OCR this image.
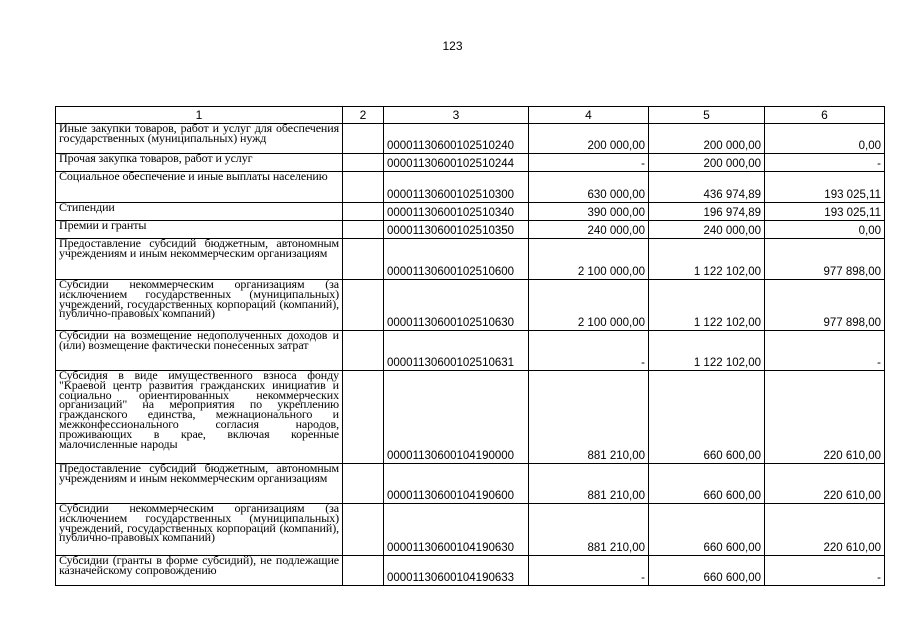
123
1	2	3	4	5	6
Иные закупки товаров, работ и услуг для обеспечения государственных (муниципальных) нужд		00001130600102510240	200 000,00	200 000,00	0,00
Прочая закупка товаров, работ и услуг		00001130600102510244	-	200 000,00	-
Социальное обеспечение и иные выплаты населению		00001130600102510300	630 000,00	436 974,89	193 025,11
Стипендии		00001130600102510340	390 000,00	196 974,89	193 025,11
Премии и гранты		00001130600102510350	240 000,00	240 000,00	0,00
Предоставление субсидий бюджетным, автономным учреждениям и иным некоммерческим организациям		00001130600102510600	2 100 000,00	1 122 102,00	977 898,00
Субсидии некоммерческим организациям (за исключением государственных (муниципальных) учреждений, государственных корпораций (компаний), публично-правовых компаний)		00001130600102510630	2 100 000,00	1 122 102,00	977 898,00
Субсидии на возмещение недополученных доходов и (или) возмещение фактически понесенных затрат		00001130600102510631	-	1 122 102,00	-
Субсидия в виде имущественного взноса фонду "Краевой центр развития гражданских инициатив и социально ориентированных некоммерческих организаций" на мероприятия по укреплению гражданского единства, межнационального и межконфессионального согласия народов, проживающих в крае, включая коренные малочисленные народы		00001130600104190000	881 210,00	660 600,00	220 610,00
Предоставление субсидий бюджетным, автономным учреждениям и иным некоммерческим организациям		00001130600104190600	881 210,00	660 600,00	220 610,00
Субсидии некоммерческим организациям (за исключением государственных (муниципальных) учреждений, государственных корпораций (компаний), публично-правовых компаний)		00001130600104190630	881 210,00	660 600,00	220 610,00
Субсидии (гранты в форме субсидий), не подлежащие казначейскому сопровождению		00001130600104190633	-	660 600,00	-
